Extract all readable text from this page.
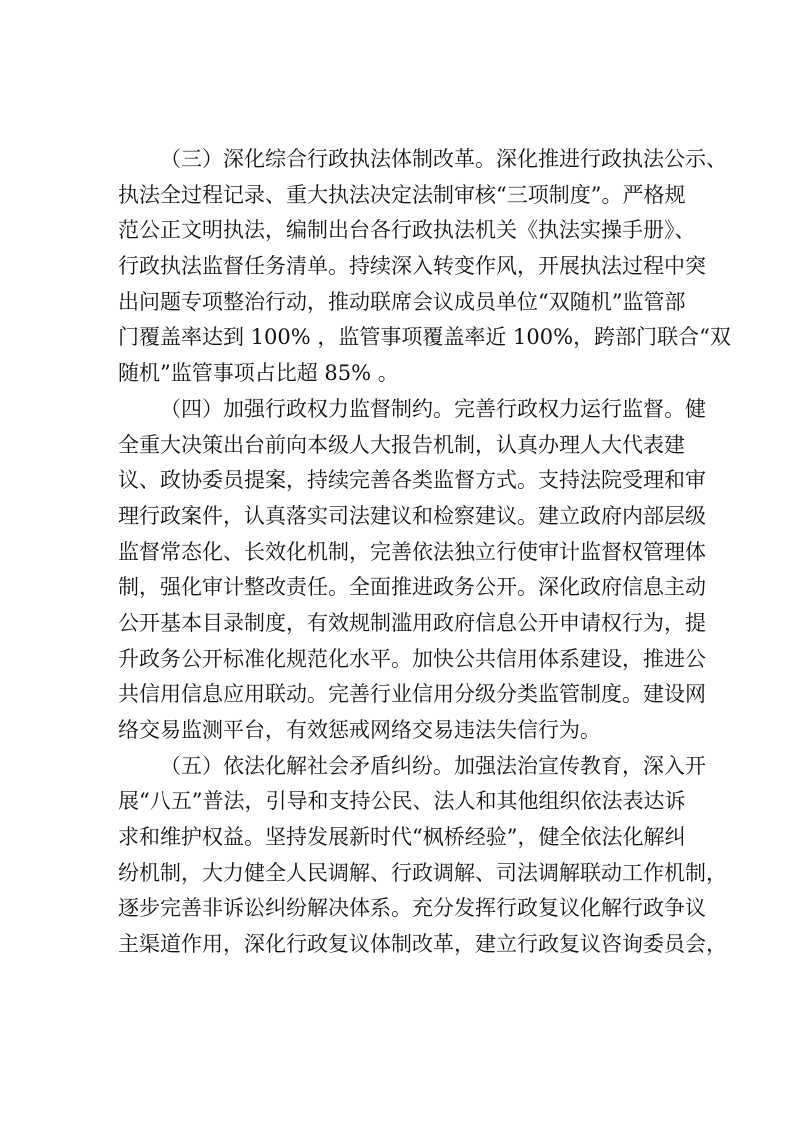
（三）深化综合行政执法体制改革。深化推进行政执法公示、
执法全过程记录、重大执法决定法制审核“三项制度”。严格规
范公正文明执法，编制出台各行政执法机关《执法实操手册》、
行政执法监督任务清单。持续深入转变作风，开展执法过程中突
出问题专项整治行动，推动联席会议成员单位“双随机”监管部
门覆盖率达到 100% ，监管事项覆盖率近 100%，跨部门联合“双
随机”监管事项占比超 85% 。
（四）加强行政权力监督制约。完善行政权力运行监督。健
全重大决策出台前向本级人大报告机制，认真办理人大代表建
议、政协委员提案，持续完善各类监督方式。支持法院受理和审
理行政案件，认真落实司法建议和检察建议。建立政府内部层级
监督常态化、长效化机制，完善依法独立行使审计监督权管理体
制，强化审计整改责任。全面推进政务公开。深化政府信息主动
公开基本目录制度，有效规制滥用政府信息公开申请权行为，提
升政务公开标准化规范化水平。加快公共信用体系建设，推进公
共信用信息应用联动。完善行业信用分级分类监管制度。建设网
络交易监测平台，有效惩戒网络交易违法失信行为。
（五）依法化解社会矛盾纠纷。加强法治宣传教育，深入开
展“八五”普法，引导和支持公民、法人和其他组织依法表达诉
求和维护权益。坚持发展新时代“枫桥经验”，健全依法化解纠
纷机制，大力健全人民调解、行政调解、司法调解联动工作机制，
逐步完善非诉讼纠纷解决体系。充分发挥行政复议化解行政争议
主渠道作用，深化行政复议体制改革，建立行政复议咨询委员会，
